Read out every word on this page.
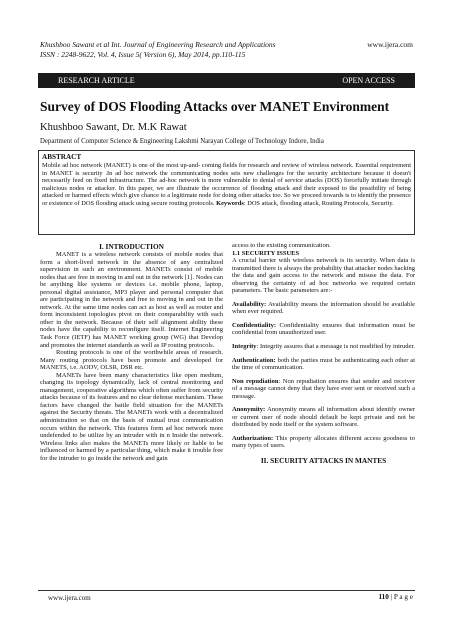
Khushboo Sawant et al Int. Journal of Engineering Research and Applications
ISSN : 2248-9622, Vol. 4, Issue 5( Version 6), May 2014, pp.110-115
www.ijera.com
RESEARCH ARTICLE	OPEN ACCESS
Survey of DOS Flooding Attacks over MANET Environment
Khushboo Sawant, Dr. M.K Rawat
Department of Computer Science & Engineering Lakshmi Narayan College of Technology Indore, India
ABSTRACT
Mobile ad hoc network (MANET) is one of the most up-and- coming fields for research and review of wireless network. Essential requirement in MANET is security .In ad hoc network the communicating nodes sets new challenges for the security architecture because it doesn't necessarily feed on fixed infrastructure. The ad-hoc network is more vulnerable to denial of service attacks (DOS) forcefully initiate through malicious nodes or attacker. In this paper, we are illustrate the occurrence of flooding attack and their exposed to the possibility of being attacked or harmed effects which give chance to a legitimate node for doing other attacks too. So we proceed towards is to identify the presence or existence of DOS flooding attack using secure routing protocols. Keywords: DOS attack, flooding attack, Routing Protocols, Security.

I. INTRODUCTION

MANET is a wireless network consists of mobile nodes that form a short-lived network in the absence of any centralized supervision in such an environment. MANETs consist of mobile nodes that are free in moving in and out in the network [1]. Nodes can be anything like systems or devices i.e. mobile phone, laptop, personal digital assistance, MP3 player and personal computer that are participating in the network and free to moving in and out in the network. At the same time nodes can act as host as well as router and form inconsistent topologies pivot on their comparability with each other in the network. Because of their self alignment ability these nodes have the capability to reconfigure itself. Internet Engineering Task Force (IETF) has MANET working group (WG) that Develop and promotes the internet standards as well as IP routing protocols.

Routing protocols is one of the worthwhile areas of research. Many routing protocols have been promote and developed for MANETS, i.e. AODV, OLSR, DSR etc.

MANETs have been many characteristics like open medium, changing its topology dynamically, lack of central monitoring and management, cooperative algorithms which often suffer from security attacks because of its features and no clear defense mechanism. These factors have changed the battle field situation for the MANETs against the Security threats. The MANETs work with a decentralized administration so that on the basis of mutual trust communication occurs within the network. This features form ad hoc network more undefended to be utilize by an intruder with in n Inside the network. Wireless links also makes the MANETs more likely or liable to be influenced or harmed by a particular thing, which make it trouble free for the intruder to go inside the network and gain

access to the existing communication.

1.1 SECURITY ISSUES

A crucial barrier with wireless network is its security. When data is transmitted there is always the probability that attacker nodes hacking the data and gain access to the network and misuse the data. For observing the certainty of ad hoc networks we required certain parameters. The basic parameters are:-

Availability: Availability means the information should be available when ever required.

Confidentiality: Confidentiality ensures that information must be confidential from unauthorized user.

Integrity: Integrity assures that a message is not modified by intruder.

Authentication: both the parties must be authenticating each other at the time of communication.

Non repudiation: Non repudiation ensures that sender and receiver of a message cannot deny that they have ever sent or received such a message.

Anonymity: Anonymity means all information about identify owner or current user of node should default be kept private and not be distributed by node itself or the system software.

Authorization: This property allocates different access goodness to many types of users.

II. SECURITY ATTACKS IN MANTES

www.ijera.com	110 | P a g e
